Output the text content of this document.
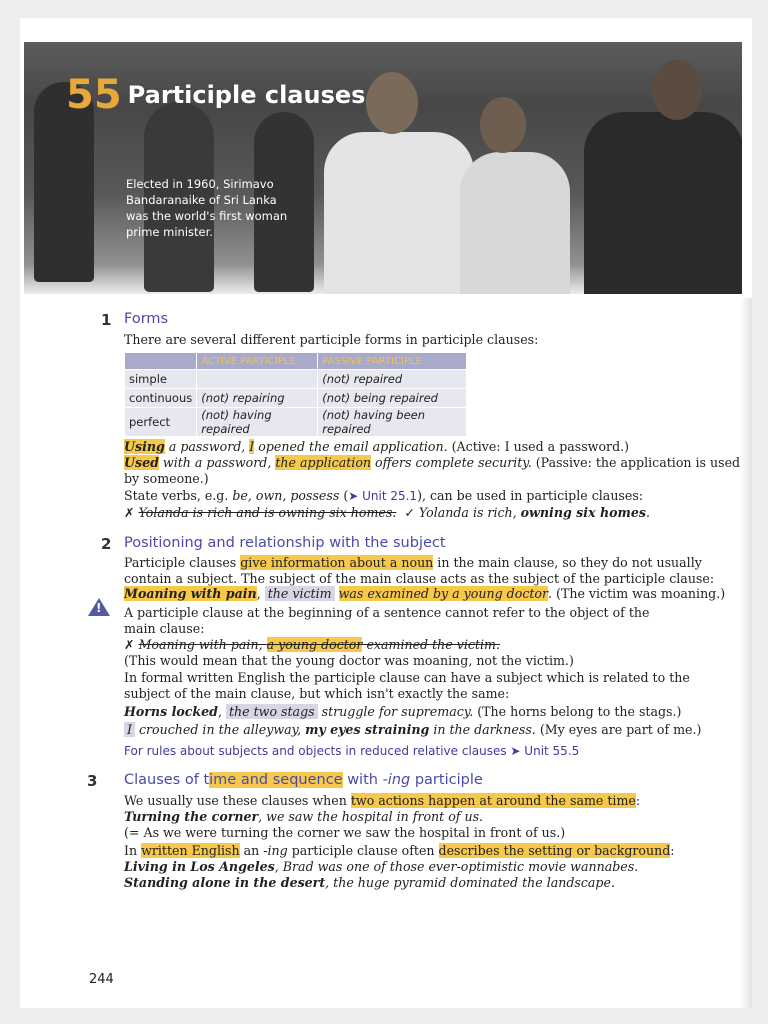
55 Participle clauses
Elected in 1960, Sirimavo
Bandaranaike of Sri Lanka
was the world's first woman
prime minister.
1 Forms
There are several different participle forms in participle clauses:
	ACTIVE PARTICIPLE	PASSIVE PARTICIPLE
simple		(not) repaired
continuous	(not) repairing	(not) being repaired
perfect	(not) having repaired	(not) having been repaired
Using a password, I opened the email application. (Active: I used a password.)
Used with a password, the application offers complete security. (Passive: the application is used
by someone.)
State verbs, e.g. be, own, possess (➤ Unit 25.1), can be used in participle clauses:
✗ Yolanda is rich and is owning six homes. ✓ Yolanda is rich, owning six homes.
2 Positioning and relationship with the subject
Participle clauses give information about a noun in the main clause, so they do not usually
contain a subject. The subject of the main clause acts as the subject of the participle clause:
Moaning with pain, the victim was examined by a young doctor. (The victim was moaning.)
! A participle clause at the beginning of a sentence cannot refer to the object of the
main clause:
✗ Moaning with pain, a young doctor examined the victim.
(This would mean that the young doctor was moaning, not the victim.)
In formal written English the participle clause can have a subject which is related to the
subject of the main clause, but which isn't exactly the same:
Horns locked, the two stags struggle for supremacy. (The horns belong to the stags.)
I crouched in the alleyway, my eyes straining in the darkness. (My eyes are part of me.)
For rules about subjects and objects in reduced relative clauses ➤ Unit 55.5
3 Clauses of time and sequence with -ing participle
We usually use these clauses when two actions happen at around the same time:
Turning the corner, we saw the hospital in front of us.
(= As we were turning the corner we saw the hospital in front of us.)
In written English an -ing participle clause often describes the setting or background:
Living in Los Angeles, Brad was one of those ever-optimistic movie wannabes.
Standing alone in the desert, the huge pyramid dominated the landscape.
244
